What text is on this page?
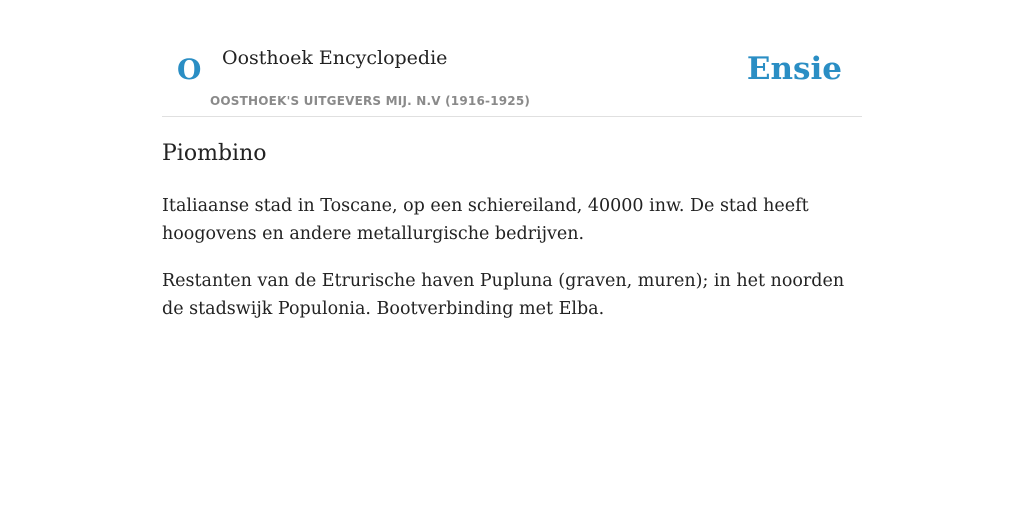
O Oosthoek Encyclopedie
OOSTHOEK'S UITGEVERS MIJ. N.V (1916-1925)
Ensie
Piombino

Italiaanse stad in Toscane, op een schiereiland, 40000 inw. De stad heeft hoogovens en andere metallurgische bedrijven.

Restanten van de Etrurische haven Pupluna (graven, muren); in het noorden de stadswijk Populonia. Bootverbinding met Elba.
